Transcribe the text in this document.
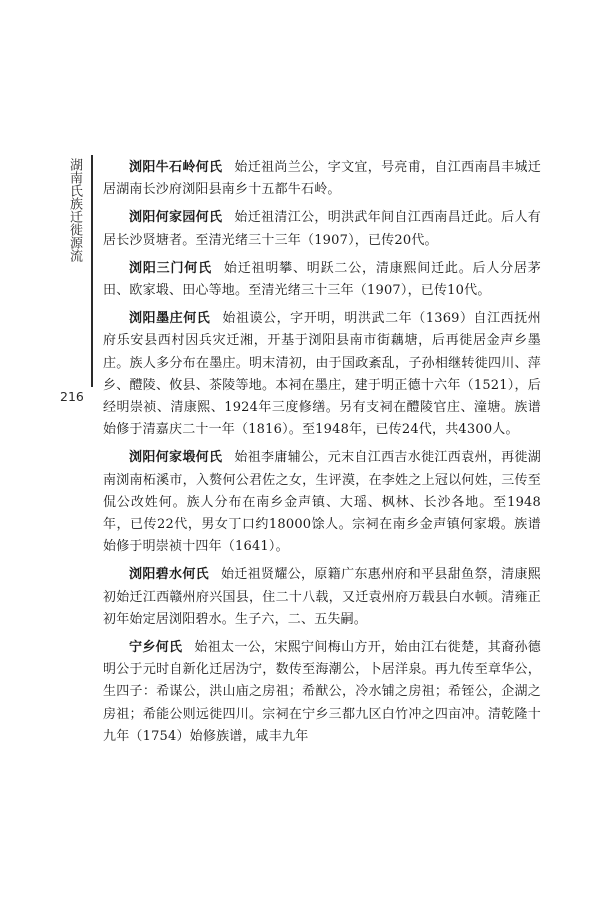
湖南氏族迁徙源流
216

浏阳牛石岭何氏 始迁祖尚兰公，字文宜，号亮甫，自江西南昌丰城迁居湖南长沙府浏阳县南乡十五都牛石岭。

浏阳何家园何氏 始迁祖清江公，明洪武年间自江西南昌迁此。后人有居长沙贤塘者。至清光绪三十三年（1907），已传20代。

浏阳三门何氏 始迁祖明攀、明跃二公，清康熙间迁此。后人分居茅田、欧家塅、田心等地。至清光绪三十三年（1907），已传10代。

浏阳墨庄何氏 始祖谟公，字开明，明洪武二年（1369）自江西抚州府乐安县西村因兵灾迁湘，开基于浏阳县南市街藕塘，后再徙居金声乡墨庄。族人多分布在墨庄。明末清初，由于国政紊乱，子孙相继转徙四川、萍乡、醴陵、攸县、茶陵等地。本祠在墨庄，建于明正德十六年（1521），后经明崇祯、清康熙、1924年三度修缮。另有支祠在醴陵官庄、潼塘。族谱始修于清嘉庆二十一年（1816）。至1948年，已传24代，共4300人。

浏阳何家塅何氏 始祖李庸辅公，元末自江西吉水徙江西袁州，再徙湖南浏南柘溪市，入赘何公君佐之女，生评漠，在李姓之上冠以何姓，三传至侃公改姓何。族人分布在南乡金声镇、大瑶、枫林、长沙各地。至1948年，已传22代，男女丁口约18000馀人。宗祠在南乡金声镇何家塅。族谱始修于明崇祯十四年（1641）。

浏阳碧水何氏 始迁祖贤耀公，原籍广东惠州府和平县甜鱼祭，清康熙初始迁江西赣州府兴国县，住二十八载，又迁袁州府万载县白水顿。清雍正初年始定居浏阳碧水。生子六，二、五失嗣。

宁乡何氏 始祖太一公，宋熙宁间梅山方开，始由江右徙楚，其裔孙德明公于元时自新化迁居沩宁，数传至海潮公，卜居洋泉。再九传至章华公，生四子：希谋公，洪山庙之房祖；希猷公，冷水铺之房祖；希铚公，企湖之房祖；希能公则远徙四川。宗祠在宁乡三都九区白竹冲之四亩冲。清乾隆十九年（1754）始修族谱，咸丰九年
